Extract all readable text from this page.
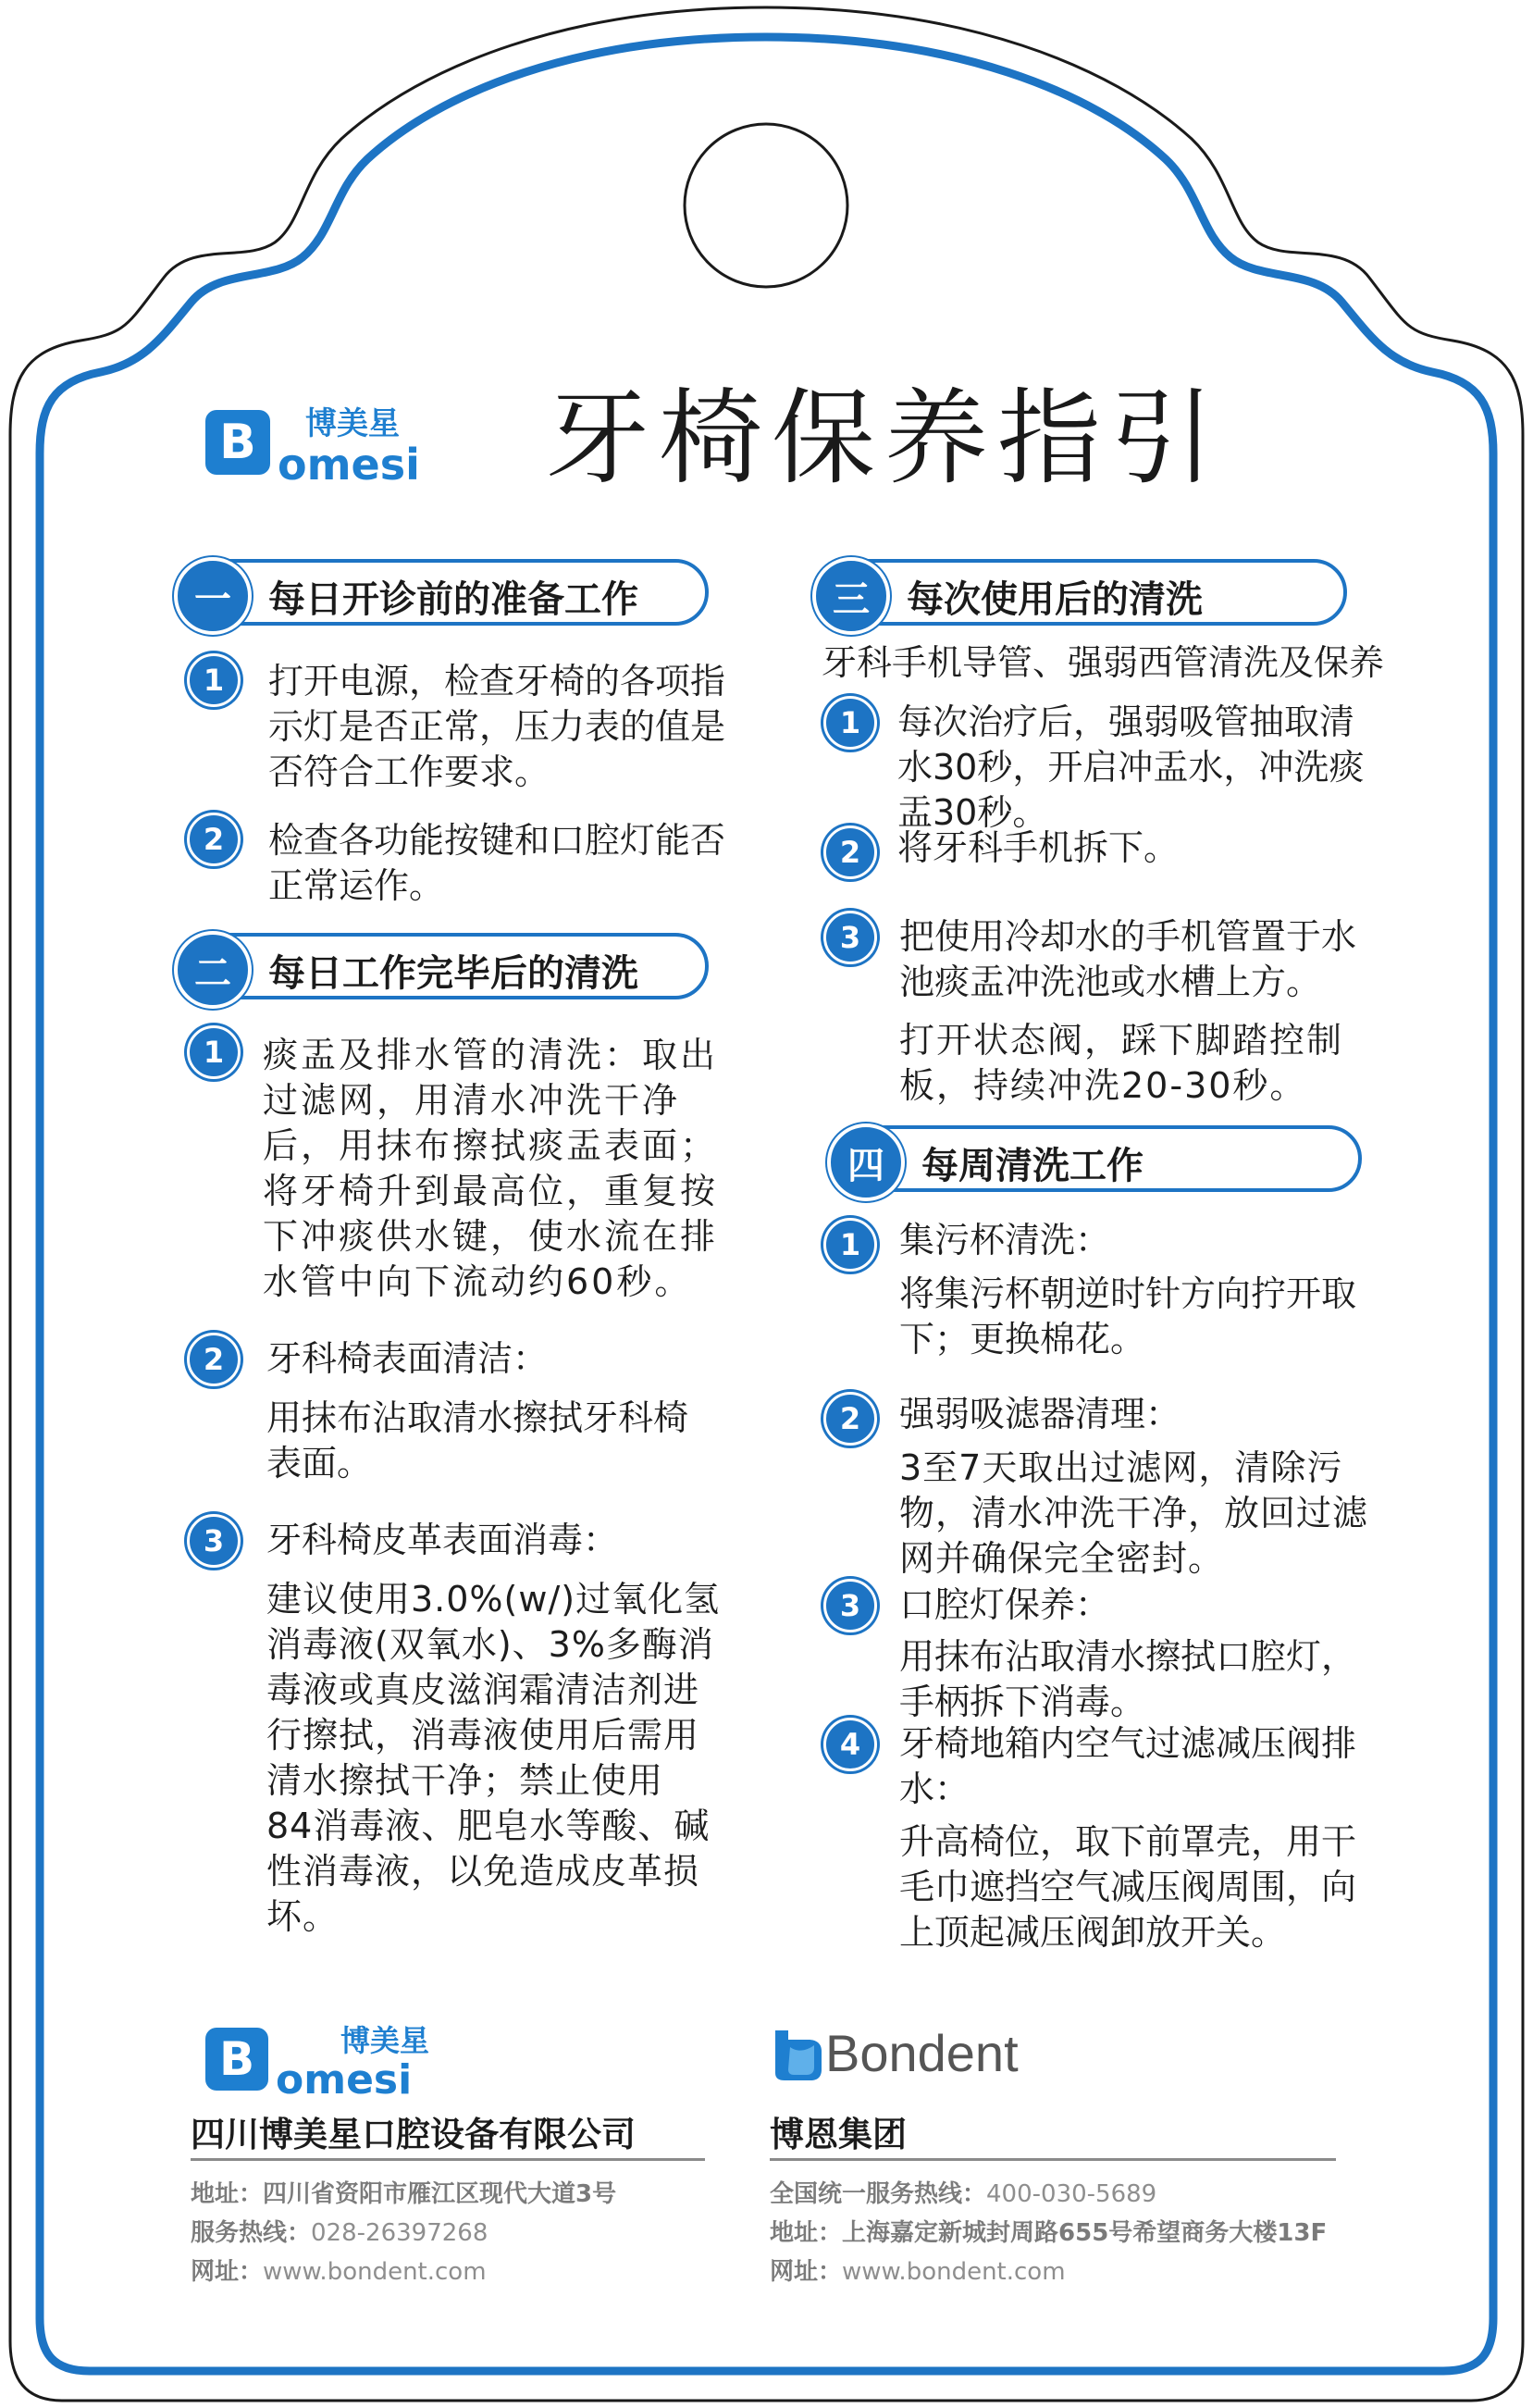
B	博美星
omesi 牙椅保养指引
一	每日开诊前的准备工作
1	打开电源，检查牙椅的各项指
示灯是否正常，压力表的值是
否符合工作要求。
2	检查各功能按键和口腔灯能否
正常运作。
二	每日工作完毕后的清洗
1	痰盂及排水管的清洗：取出
过滤网，用清水冲洗干净
后，用抹布擦拭痰盂表面；
将牙椅升到最高位，重复按
下冲痰供水键，使水流在排
水管中向下流动约60秒。
2	牙科椅表面清洁：
用抹布沾取清水擦拭牙科椅
表面。
3	牙科椅皮革表面消毒：
建议使用3.0%(w/)过氧化氢
消毒液(双氧水)、3%多酶消
毒液或真皮滋润霜清洁剂进
行擦拭，消毒液使用后需用
清水擦拭干净；禁止使用
84消毒液、肥皂水等酸、碱
性消毒液，以免造成皮革损
坏。
三	每次使用后的清洗
牙科手机导管、强弱西管清洗及保养
1	每次治疗后，强弱吸管抽取清
水30秒，开启冲盂水，冲洗痰
盂30秒。
2	将牙科手机拆下。
3	把使用冷却水的手机管置于水
池痰盂冲洗池或水槽上方。
打开状态阀，踩下脚踏控制
板，持续冲洗20-30秒。
四	每周清洗工作
1	集污杯清洗：
将集污杯朝逆时针方向拧开取
下；更换棉花。
2	强弱吸滤器清理：
3至7天取出过滤网，清除污
物，清水冲洗干净，放回过滤
网并确保完全密封。
3	口腔灯保养：
用抹布沾取清水擦拭口腔灯，
手柄拆下消毒。
4	牙椅地箱内空气过滤减压阀排
水：
升高椅位，取下前罩壳，用干
毛巾遮挡空气减压阀周围，向
上顶起减压阀卸放开关。
B	博美星
omesi
四川博美星口腔设备有限公司
地址：四川省资阳市雁江区现代大道3号
服务热线：028-26397268
网址：www.bondent.com
Bondent
博恩集团
全国统一服务热线：400-030-5689
地址：上海嘉定新城封周路655号希望商务大楼13F
网址：www.bondent.com
